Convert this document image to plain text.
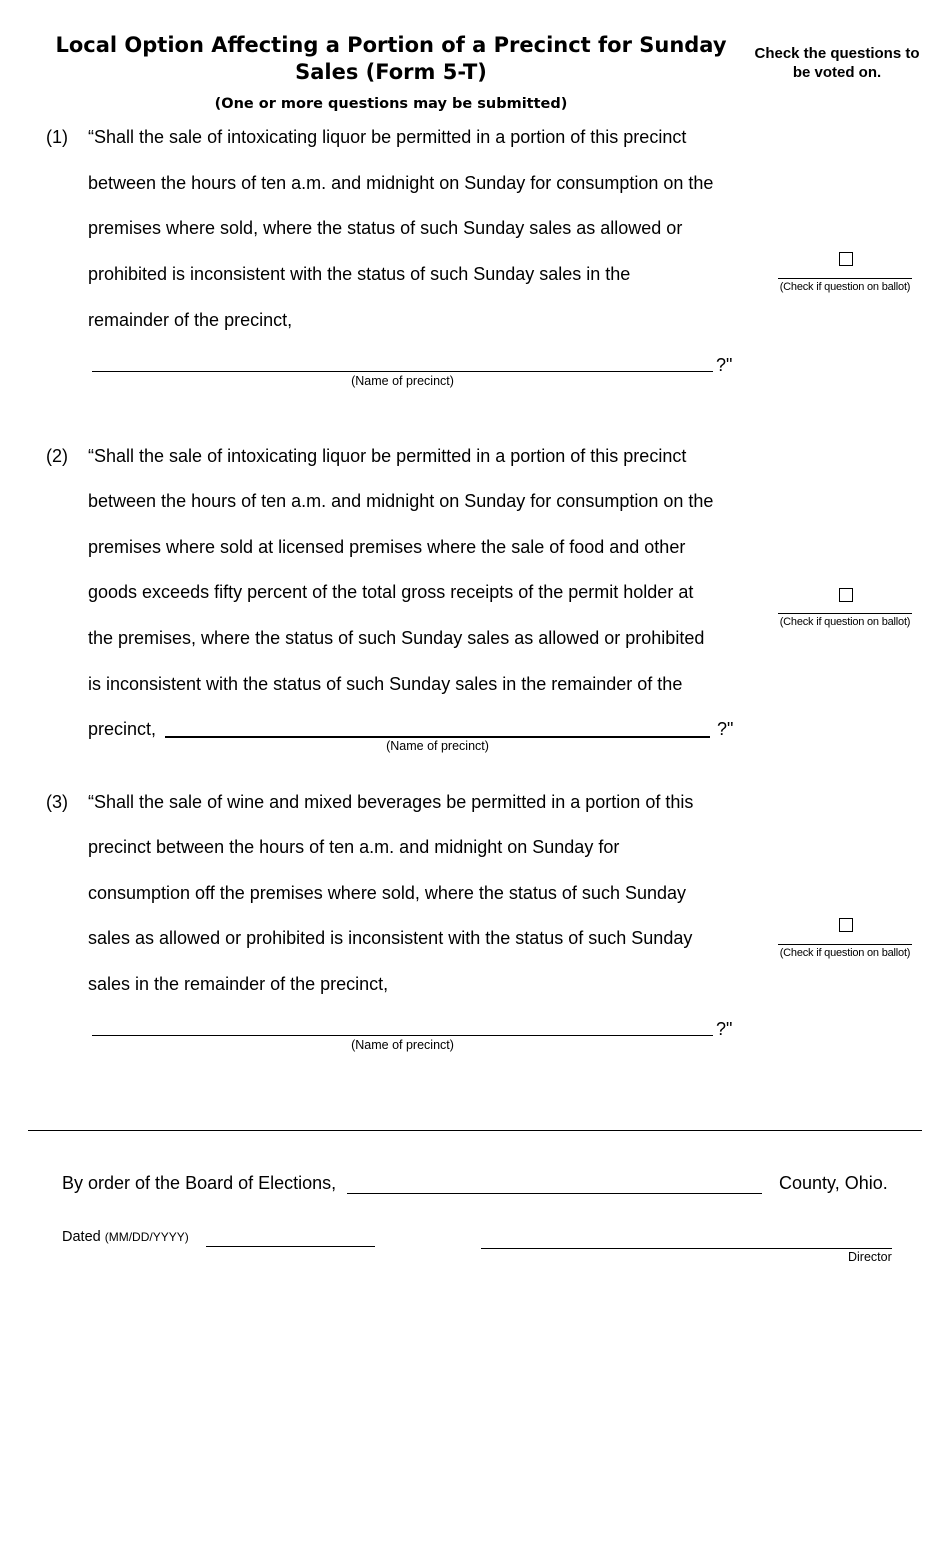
Local Option Affecting a Portion of a Precinct for Sunday Sales (Form 5-T)
(One or more questions may be submitted)
Check the questions to be voted on.
(1) “Shall the sale of intoxicating liquor be permitted in a portion of this precinct
between the hours of ten a.m. and midnight on Sunday for consumption on the
premises where sold, where the status of such Sunday sales as allowed or
prohibited is inconsistent with the status of such Sunday sales in the
remainder of the precinct,
?"
(Name of precinct)
(Check if question on ballot)
(2) “Shall the sale of intoxicating liquor be permitted in a portion of this precinct
between the hours of ten a.m. and midnight on Sunday for consumption on the
premises where sold at licensed premises where the sale of food and other
goods exceeds fifty percent of the total gross receipts of the permit holder at
the premises, where the status of such Sunday sales as allowed or prohibited
is inconsistent with the status of such Sunday sales in the remainder of the
precinct,	?"
(Name of precinct)
(Check if question on ballot)
(3) “Shall the sale of wine and mixed beverages be permitted in a portion of this
precinct between the hours of ten a.m. and midnight on Sunday for
consumption off the premises where sold, where the status of such Sunday
sales as allowed or prohibited is inconsistent with the status of such Sunday
sales in the remainder of the precinct,
?"
(Name of precinct)
(Check if question on ballot)
By order of the Board of Elections,	County, Ohio.
Dated (MM/DD/YYYY)
Director
